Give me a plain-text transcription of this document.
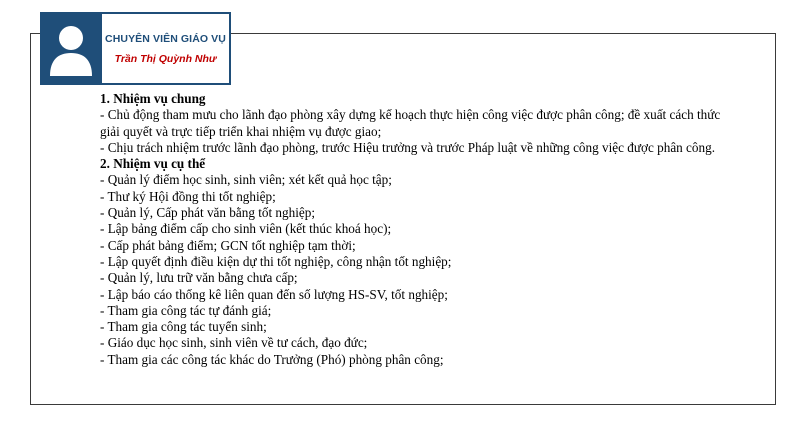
CHUYÊN VIÊN GIÁO VỤ
Trần Thị Quỳnh Như
1. Nhiệm vụ chung
- Chủ động tham mưu cho lãnh đạo phòng xây dựng kế hoạch thực hiện công việc được phân công; đề xuất cách thức giải quyết và trực tiếp triển khai nhiệm vụ được giao;
- Chịu trách nhiệm trước lãnh đạo phòng, trước Hiệu trưởng và trước Pháp luật về những công việc được phân công.
2. Nhiệm vụ cụ thể
- Quản lý điểm học sinh, sinh viên; xét kết quả học tập;
- Thư ký Hội đồng thi tốt nghiệp;
- Quản lý, Cấp phát văn bằng tốt nghiệp;
- Lập bảng điểm cấp cho sinh viên (kết thúc khoá học);
- Cấp phát bảng điểm; GCN tốt nghiệp tạm thời;
- Lập quyết định điều kiện dự thi tốt nghiệp, công nhận tốt nghiệp;
- Quản lý, lưu trữ văn bằng chưa cấp;
- Lập báo cáo thống kê liên quan đến số lượng HS-SV, tốt nghiệp;
- Tham gia công tác tự đánh giá;
- Tham gia công tác tuyển sinh;
- Giáo dục học sinh, sinh viên về tư cách, đạo đức;
- Tham gia các công tác khác do Trưởng (Phó) phòng phân công;
